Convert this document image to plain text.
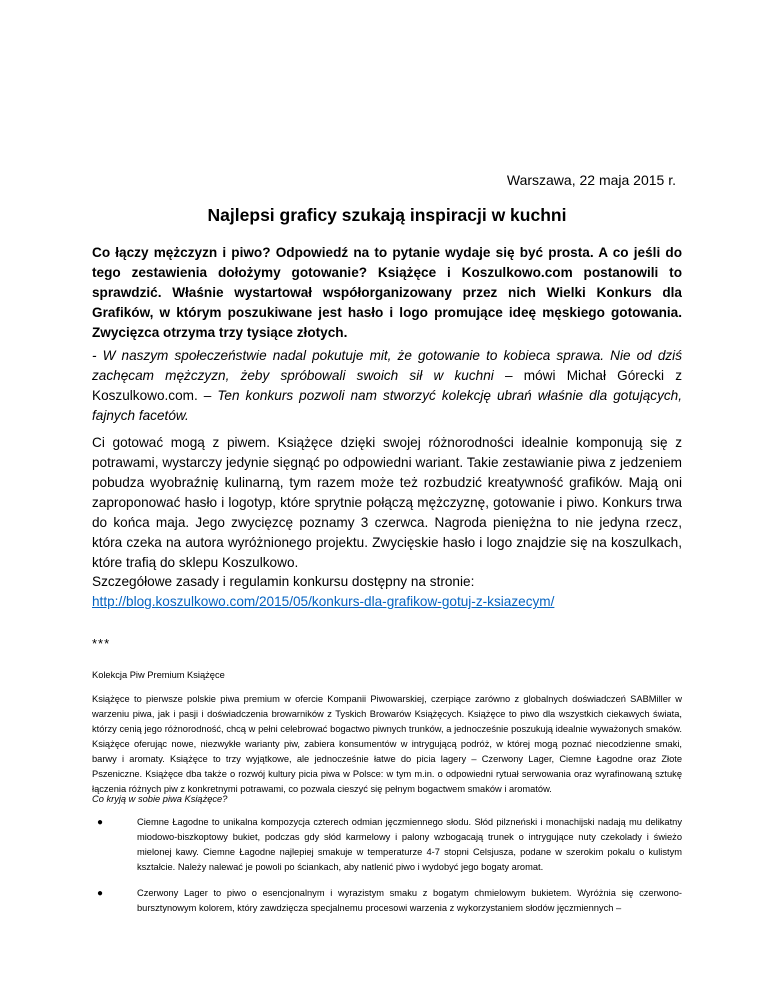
Warszawa, 22 maja 2015 r.
Najlepsi graficy szukają inspiracji w kuchni
Co łączy mężczyzn i piwo? Odpowiedź na to pytanie wydaje się być prosta. A co jeśli do tego zestawienia dołożymy gotowanie? Książęce i Koszulkowo.com postanowili to sprawdzić. Właśnie wystartował współorganizowany przez nich Wielki Konkurs dla Grafików, w którym poszukiwane jest hasło i logo promujące ideę męskiego gotowania. Zwycięzca otrzyma trzy tysiące złotych.
- W naszym społeczeństwie nadal pokutuje mit, że gotowanie to kobieca sprawa. Nie od dziś zachęcam mężczyzn, żeby spróbowali swoich sił w kuchni – mówi Michał Górecki z Koszulkowo.com. – Ten konkurs pozwoli nam stworzyć kolekcję ubrań właśnie dla gotujących, fajnych facetów.
Ci gotować mogą z piwem. Książęce dzięki swojej różnorodności idealnie komponują się z potrawami, wystarczy jedynie sięgnąć po odpowiedni wariant. Takie zestawianie piwa z jedzeniem pobudza wyobraźnię kulinarną, tym razem może też rozbudzić kreatywność grafików. Mają oni zaproponować hasło i logotyp, które sprytnie połączą mężczyznę, gotowanie i piwo. Konkurs trwa do końca maja. Jego zwycięzcę poznamy 3 czerwca. Nagroda pieniężna to nie jedyna rzecz, która czeka na autora wyróżnionego projektu. Zwycięskie hasło i logo znajdzie się na koszulkach, które trafią do sklepu Koszulkowo.
Szczegółowe zasady i regulamin konkursu dostępny na stronie:
http://blog.koszulkowo.com/2015/05/konkurs-dla-grafikow-gotuj-z-ksiazecym/
***
Kolekcja Piw Premium Książęce
Książęce to pierwsze polskie piwa premium w ofercie Kompanii Piwowarskiej, czerpiące zarówno z globalnych doświadczeń SABMiller w warzeniu piwa, jak i pasji i doświadczenia browarników z Tyskich Browarów Książęcych. Książęce to piwo dla wszystkich ciekawych świata, którzy cenią jego różnorodność, chcą w pełni celebrować bogactwo piwnych trunków, a jednocześnie poszukują idealnie wyważonych smaków. Książęce oferując nowe, niezwykłe warianty piw, zabiera konsumentów w intrygującą podróż, w której mogą poznać niecodzienne smaki, barwy i aromaty. Książęce to trzy wyjątkowe, ale jednocześnie łatwe do picia lagery – Czerwony Lager, Ciemne Łagodne oraz Złote Pszeniczne. Książęce dba także o rozwój kultury picia piwa w Polsce: w tym m.in. o odpowiedni rytuał serwowania oraz wyrafinowaną sztukę łączenia różnych piw z konkretnymi potrawami, co pozwala cieszyć się pełnym bogactwem smaków i aromatów.
Co kryją w sobie piwa Książęce?
●	Ciemne Łagodne to unikalna kompozycja czterech odmian jęczmiennego słodu. Słód pilzneński i monachijski nadają mu delikatny miodowo-biszkoptowy bukiet, podczas gdy słód karmelowy i palony wzbogacają trunek o intrygujące nuty czekolady i świeżo mielonej kawy. Ciemne Łagodne najlepiej smakuje w temperaturze 4-7 stopni Celsjusza, podane w szerokim pokalu o kulistym kształcie. Należy nalewać je powoli po ściankach, aby natlenić piwo i wydobyć jego bogaty aromat.
●	Czerwony Lager to piwo o esencjonalnym i wyrazistym smaku z bogatym chmielowym bukietem. Wyróżnia się czerwono-bursztynowym kolorem, który zawdzięcza specjalnemu procesowi warzenia z wykorzystaniem słodów jęczmiennych –
